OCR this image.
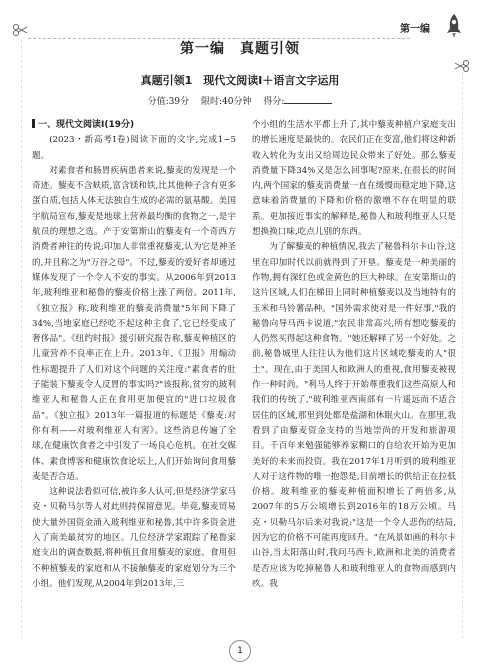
第一编
第一编　真题引领
真题引领1　现代文阅读Ⅰ＋语言文字运用
分值:39分   限时:40分钟   得分:
一、现代文阅读Ⅰ(19分)

(2023・新高考Ⅰ卷)阅读下面的文字,完成1~5题。

对素食者和肠胃疾病患者来说,藜麦的发现是一个奇迹。藜麦不含麸质,富含镁和铁,比其他种子含有更多蛋白质,包括人体无法独自生成的必需的氨基酸。美国宇航局宣布,藜麦是地球上营养最均衡的食物之一,是宇航员的理想之选。产于安第斯山的藜麦有一个奇西方消费者神往的传说;印加人非常重视藜麦,认为它是神圣的,并且称之为"万谷之母"。不过,藜麦的爱好者却通过媒体发现了一个令人不安的事实。从2006年到2013年,玻利维亚和秘鲁的藜麦价格上涨了两倍。2011年,《独立报》称,玻利维亚的藜麦消费量"5年间下降了34%,当地家庭已经吃不起这种主食了,它已经变成了奢侈品"。《纽约时报》援引研究报告称,藜麦种植区的儿童营养不良率正在上升。2013年,《卫报》用煽动性标题提升了人们对这个问题的关注度:"素食者的肚子能装下藜麦令人反胃的事实吗?"该报称,贫穷的玻利维亚人和秘鲁人正在食用更加便宜的"进口垃圾食品"。《独立报》2013年一篇报道的标题是《藜麦:对你有利——对玻利维亚人有害》。这些消息传遍了全球,在健康饮食者之中引发了一场良心危机。在社交媒体、素食博客和健康饮食论坛上,人们开始询问食用藜麦是否合适。

这种说法看似可信,被许多人认可,但是经济学家马克・贝勒马尔等人对此则持保留意见。毕竟,藜麦贸易使大量外国资金涌入玻利维亚和秘鲁,其中许多资金进入了南美最贫穷的地区。几位经济学家跟踪了秘鲁家庭支出的调查数据,将种植且食用藜麦的家庭、食用但不种植藜麦的家庭和从不接触藜麦的家庭划分为三个小组。他们发现,从2004年到2013年,三

个小组的生活水平都上升了,其中藜麦种植户家庭支出的增长速度是最快的。农民们正在变富,他们将这种新收入转化为支出又给周边民众带来了好处。那么藜麦消费量下降34%又是怎么回事呢?原来,在很长的时间内,两个国家的藜麦消费量一直在缓慢而稳定地下降,这意味着消费量的下降和价格的激增不存在明显的联系。更加接近事实的解释是,秘鲁人和玻利维亚人只是想换换口味,吃点儿别的东西。

为了解藜麦的种植情况,我去了秘鲁科尔卡山谷,这里在印加时代以前就得到了开垦。藜麦是一种美丽的作物,拥有深红色或金黄色的巨大种球。在安第斯山的这片区域,人们在梯田上同时种植藜麦以及当地特有的玉米和马铃薯品种。"国外需求使对是一件好事,"我的秘鲁向导马西卡说道,"农民非常高兴,所有想吃藜麦的人仍然买得起这种食物。"她还解释了另一个好处。之前,秘鲁城里人往往认为他们这片区域吃藜麦的人"很土"。现在,由于美国人和欧洲人的重视,食用藜麦被视作一种时尚。"利马人终于开始尊重我们这些高原人和我们的传统了,"玻利维亚西南部有一片遥远而不适合居住的区域,那里到处都是盐湖和休眠火山。在那里,我看到了由藜麦资金支持的当地崇尚的开发和旅游项目。千百年来勉强能够养家糊口的自给农开始为更加美好的未来而投资。我在2017年1月听到的玻利维亚人对于这件物的唯一抱怨是,目前增长的供给正在拉低价格。玻利维亚的藜麦种植面积增长了两倍多,从2007年的5万公顷增长到2016年的18万公顷。马克・贝勒马尔后来对我说:"这是一个令人悲伤的结局,因为它的价格不可能再度回升。"在风景如画的科尔卡山谷,当太阳落山时,我问马西卡,欧洲和北美的消费者是否应该为吃掉秘鲁人和玻利维亚人的食物而感到内疚。我

1
